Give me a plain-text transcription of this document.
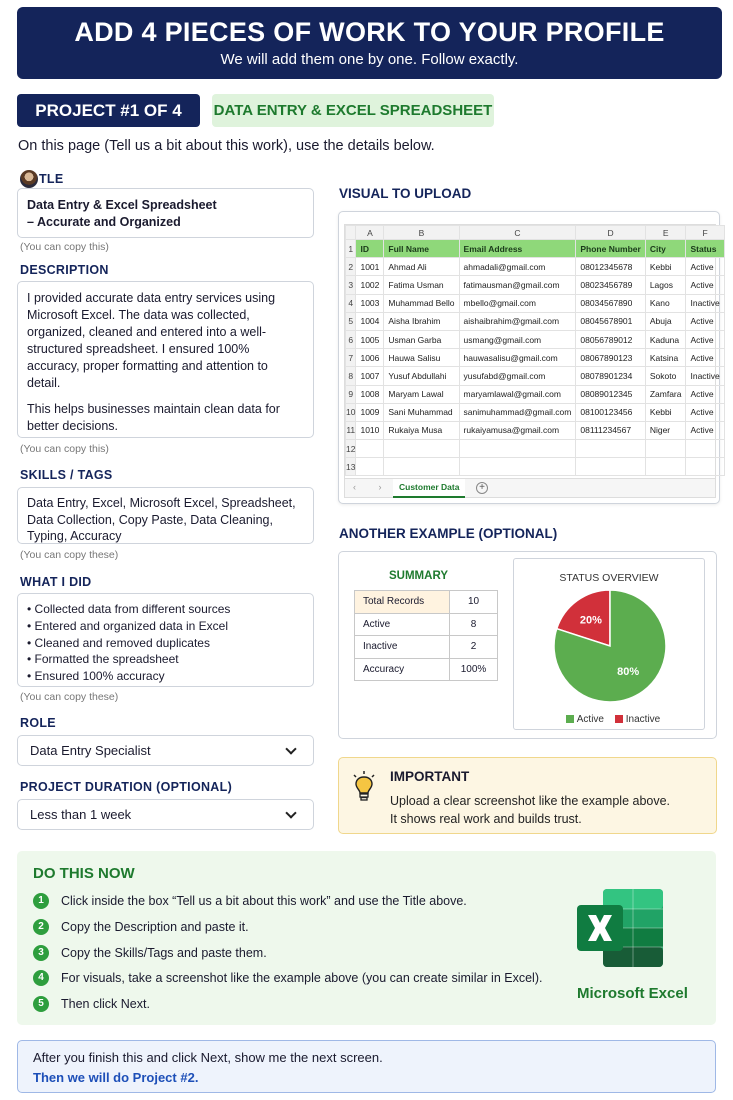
ADD 4 PIECES OF WORK TO YOUR PROFILE

We will add them one by one. Follow exactly.

PROJECT #1 OF 4	DATA ENTRY & EXCEL SPREADSHEET
On this page (Tell us a bit about this work), use the details below.
TLE
Data Entry & Excel Spreadsheet
– Accurate and Organized
(You can copy this)
DESCRIPTION

I provided accurate data entry services using Microsoft Excel. The data was collected, organized, cleaned and entered into a well-structured spreadsheet. I ensured 100% accuracy, proper formatting and attention to detail.

This helps businesses maintain clean data for better decisions.

(You can copy this)
SKILLS / TAGS
Data Entry, Excel, Microsoft Excel, Spreadsheet, Data Collection, Copy Paste, Data Cleaning, Typing, Accuracy
(You can copy these)
WHAT I DID
• Collected data from different sources
• Entered and organized data in Excel
• Cleaned and removed duplicates
• Formatted the spreadsheet
• Ensured 100% accuracy
(You can copy these)
ROLE
Data Entry Specialist
PROJECT DURATION (OPTIONAL)
Less than 1 week
VISUAL TO UPLOAD
	A	B	C	D	E	F
1	ID	Full Name	Email Address	Phone Number	City	Status
2	1001	Ahmad Ali	ahmadali@gmail.com	08012345678	Kebbi	Active
3	1002	Fatima Usman	fatimausman@gmail.com	08023456789	Lagos	Active
4	1003	Muhammad Bello	mbello@gmail.com	08034567890	Kano	Inactive
5	1004	Aisha Ibrahim	aishaibrahim@gmail.com	08045678901	Abuja	Active
6	1005	Usman Garba	usmang@gmail.com	08056789012	Kaduna	Active
7	1006	Hauwa Salisu	hauwasalisu@gmail.com	08067890123	Katsina	Active
8	1007	Yusuf Abdullahi	yusufabd@gmail.com	08078901234	Sokoto	Inactive
9	1008	Maryam Lawal	maryamlawal@gmail.com	08089012345	Zamfara	Active
10	1009	Sani Muhammad	sanimuhammad@gmail.com	08100123456	Kebbi	Active
11	1010	Rukaiya Musa	rukaiyamusa@gmail.com	08111234567	Niger	Active
12						
13						
‹ › Customer Data	+
ANOTHER EXAMPLE (OPTIONAL)
SUMMARY
Total Records	10
Active	8
Inactive	2
Accuracy	100%
STATUS OVERVIEW
20%
80%
Active Inactive
IMPORTANT

Upload a clear screenshot like the example above.
It shows real work and builds trust.

DO THIS NOW
1	Click inside the box “Tell us a bit about this work” and use the Title above.
2	Copy the Description and paste it.
3	Copy the Skills/Tags and paste them.
4	For visuals, take a screenshot like the example above (you can create similar in Excel).
5	Then click Next.
Microsoft Excel

After you finish this and click Next, show me the next screen.

Then we will do Project #2.
